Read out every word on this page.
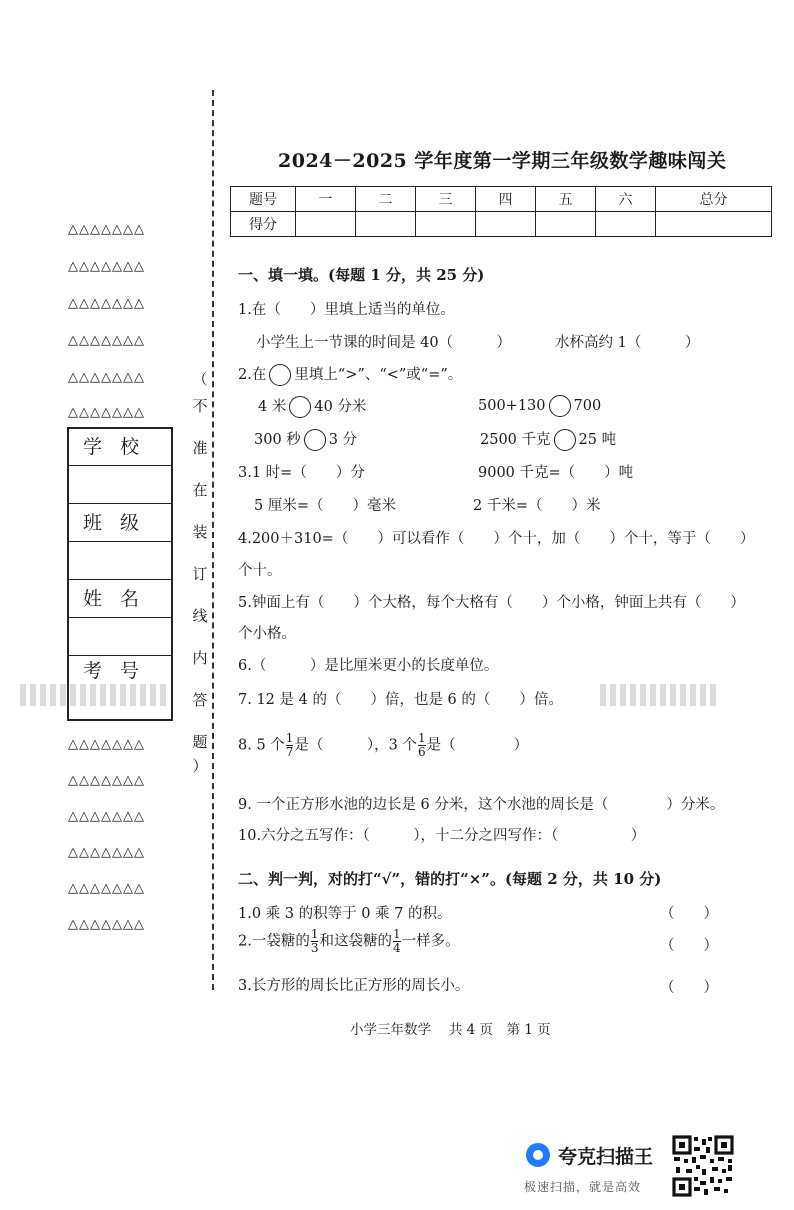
△△△△△△△
△△△△△△△
△△△△△△△
△△△△△△△
△△△△△△△
△△△△△△△
学校
班级
姓名
考号
△△△△△△△
△△△△△△△
△△△△△△△
△△△△△△△
△△△△△△△
△△△△△△△
（
不
准
在
装
订
线
内
答
题
）
2024－2025 学年度第一学期三年级数学趣味闯关
题号	一	二	三	四	五	六	总分
得分							
一、填一填。(每题 1 分，共 25 分)
1.在（　　）里填上适当的单位。
小学生上一节课的时间是 40（　　　）	水杯高约 1（　　　）
2.在 里填上“>”、“<”或“=”。
4 米 40 分米	500+130 700
300 秒 3 分	2500 千克 25 吨
3.1 时=（　　）分	9000 千克=（　　）吨
5 厘米=（　　）毫米	2 千米=（　　）米
4.200＋310=（　　）可以看作（　　）个十，加（　　）个十，等于（　　）
个十。
5.钟面上有（　　）个大格，每个大格有（　　）个小格，钟面上共有（　　）
个小格。
6.（　　　）是比厘米更小的长度单位。
7. 12 是 4 的（　　）倍，也是 6 的（　　）倍。
8. 5 个 $\frac{1}{7}$ 是（　　　），3 个 $\frac{1}{6}$ 是（　　　　）
9. 一个正方形水池的边长是 6 分米，这个水池的周长是（　　　　）分米。
10.六分之五写作：（　　　），十二分之四写作：（　　　　　）
二、判一判，对的打“√”，错的打“×”。(每题 2 分，共 10 分)
1.0 乘 3 的积等于 0 乘 7 的积。	（　　）
2.一袋糖的 $\frac{1}{3}$ 和这袋糖的 $\frac{1}{4}$ 一样多。	（　　）
3.长方形的周长比正方形的周长小。	（　　）
小学三年数学　 共 4 页　第 1 页
夸克扫描王
极速扫描，就是高效
